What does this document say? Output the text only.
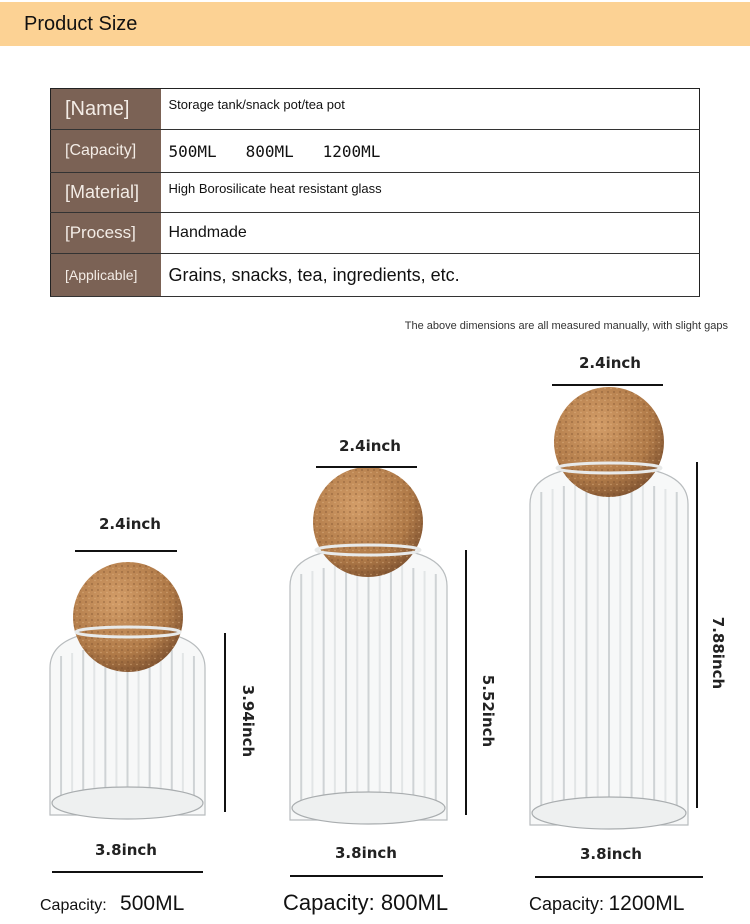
Product Size
[Name]	Storage tank/snack pot/tea pot
[Capacity]	500ML   800ML   1200ML
[Material]	High Borosilicate heat resistant glass
[Process]	Handmade
[Applicable]	Grains, snacks, tea, ingredients, etc.
The above dimensions are all measured manually, with slight gaps
2.4inch
3.94inch
3.8inch
Capacity: 500ML
2.4inch
5.52inch
3.8inch
Capacity: 800ML
2.4inch
7.88inch
3.8inch
Capacity: 1200ML
